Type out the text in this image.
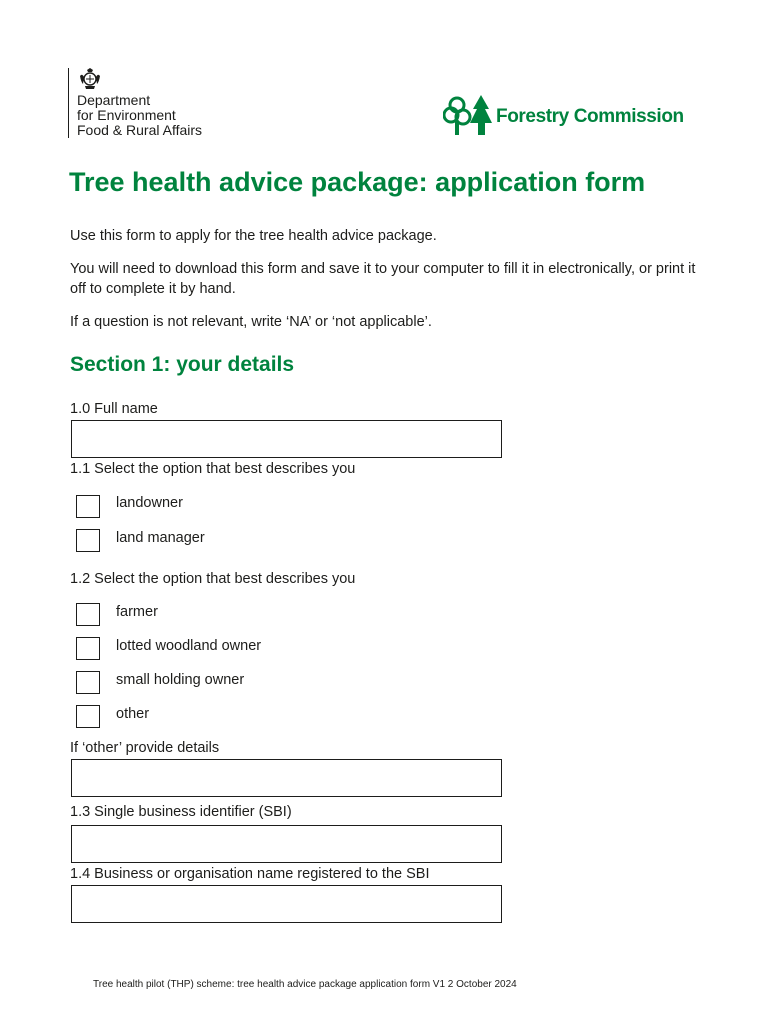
Department
for Environment
Food & Rural Affairs
Forestry Commission
Tree health advice package: application form

Use this form to apply for the tree health advice package.

You will need to download this form and save it to your computer to fill it in electronically, or print it off to complete it by hand.

If a question is not relevant, write ‘NA’ or ‘not applicable’.

Section 1: your details
1.0 Full name
1.1 Select the option that best describes you
landowner
land manager
1.2 Select the option that best describes you
farmer
lotted woodland owner
small holding owner
other
If ‘other’ provide details
1.3 Single business identifier (SBI)
1.4 Business or organisation name registered to the SBI
Tree health pilot (THP) scheme: tree health advice package application form V1 2 October 2024
